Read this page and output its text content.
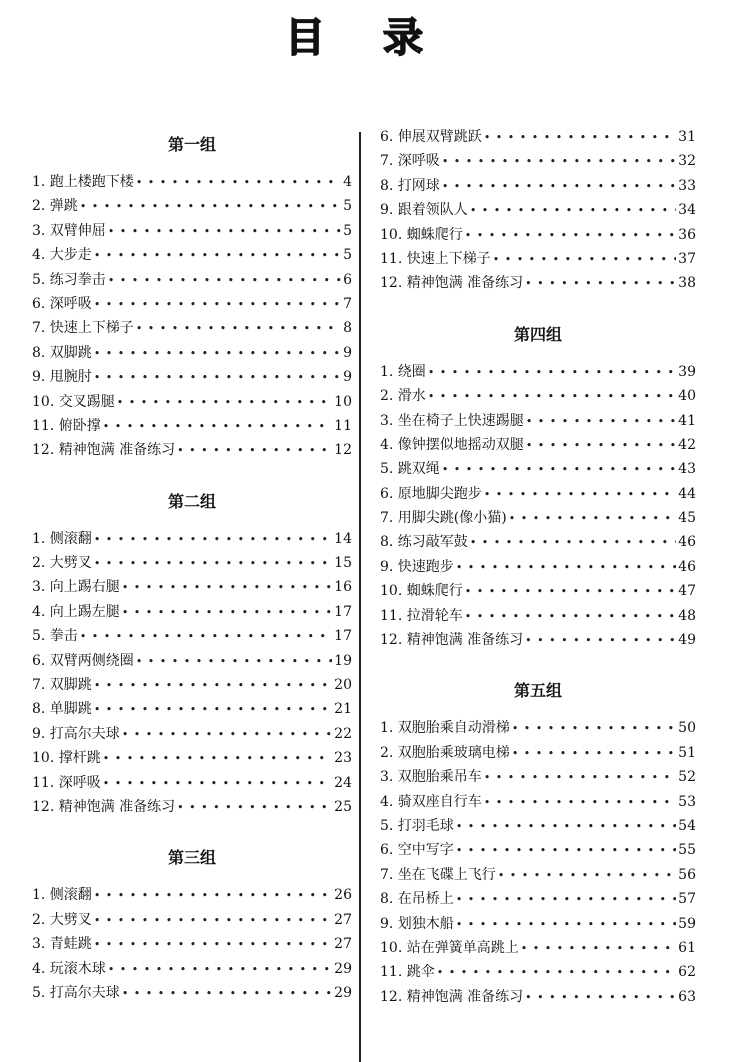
目 录
第一组
1. 跑上楼跑下楼 • • •	4
2. 弹跳 • • •	5
3. 双臂伸屈 • • •	5
4. 大步走 • • •	5
5. 练习拳击 • • •	6
6. 深呼吸 • • •	7
7. 快速上下梯子 • • •	8
8. 双脚跳 • • •	9
9. 甩腕肘 • • •	9
10. 交叉踢腿 • • •	10
11. 俯卧撑 • • •	11
12. 精神饱满 准备练习 • • •	12
第二组
1. 侧滚翻 • • •	14
2. 大劈叉 • • •	15
3. 向上踢右腿 • • •	16
4. 向上踢左腿 • • •	17
5. 拳击 • • •	17
6. 双臂两侧绕圈 • • •	19
7. 双脚跳 • • •	20
8. 单脚跳 • • •	21
9. 打高尔夫球 • • •	22
10. 撑杆跳 • • •	23
11. 深呼吸 • • •	24
12. 精神饱满 准备练习 • • •	25
第三组
1. 侧滚翻 • • •	26
2. 大劈叉 • • •	27
3. 青蛙跳 • • •	27
4. 玩滚木球 • • •	29
5. 打高尔夫球 • • •	29
6. 伸展双臂跳跃 • • •	31
7. 深呼吸 • • •	32
8. 打网球 • • •	33
9. 跟着领队人 • • •	34
10. 蜘蛛爬行 • • •	36
11. 快速上下梯子 • • •	37
12. 精神饱满 准备练习 • • •	38
第四组
1. 绕圈 • • •	39
2. 滑水 • • •	40
3. 坐在椅子上快速踢腿 • • •	41
4. 像钟摆似地摇动双腿 • • •	42
5. 跳双绳 • • •	43
6. 原地脚尖跑步 • • •	44
7. 用脚尖跳(像小猫) • • •	45
8. 练习敲军鼓 • • •	46
9. 快速跑步 • • •	46
10. 蜘蛛爬行 • • •	47
11. 拉滑轮车 • • •	48
12. 精神饱满 准备练习 • • •	49
第五组
1. 双胞胎乘自动滑梯 • • •	50
2. 双胞胎乘玻璃电梯 • • •	51
3. 双胞胎乘吊车 • • •	52
4. 骑双座自行车 • • •	53
5. 打羽毛球 • • •	54
6. 空中写字 • • •	55
7. 坐在飞碟上飞行 • • •	56
8. 在吊桥上 • • •	57
9. 划独木船 • • •	59
10. 站在弹簧单高跳上 • • •	61
11. 跳伞 • • •	62
12. 精神饱满 准备练习 • • •	63
